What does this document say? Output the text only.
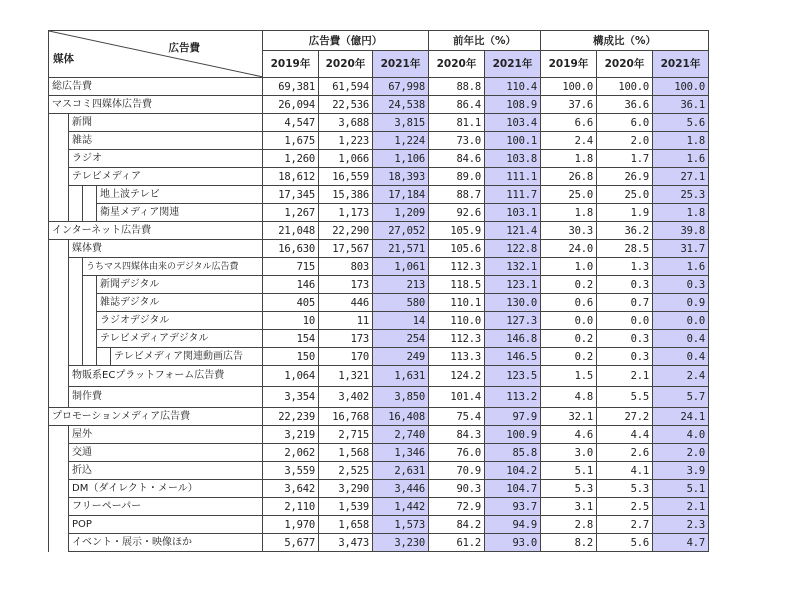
広告費
媒体					広告費（億円）			前年比（%）		構成比（%）		
					2019年	2020年	2021年	2020年	2021年	2019年	2020年	2021年
総広告費					69,381	61,594	67,998	88.8	110.4	100.0	100.0	100.0
マスコミ四媒体広告費					26,094	22,536	24,538	86.4	108.9	37.6	36.6	36.1
	新聞				4,547	3,688	3,815	81.1	103.4	6.6	6.0	5.6
	雑誌				1,675	1,223	1,224	73.0	100.1	2.4	2.0	1.8
	ラジオ				1,260	1,066	1,106	84.6	103.8	1.8	1.7	1.6
	テレビメディア				18,612	16,559	18,393	89.0	111.1	26.8	26.9	27.1
			地上波テレビ		17,345	15,386	17,184	88.7	111.7	25.0	25.0	25.3
			衛星メディア関連		1,267	1,173	1,209	92.6	103.1	1.8	1.9	1.8
インターネット広告費					21,048	22,290	27,052	105.9	121.4	30.3	36.2	39.8
	媒体費				16,630	17,567	21,571	105.6	122.8	24.0	28.5	31.7
		うちマス四媒体由来のデジタル広告費			715	803	1,061	112.3	132.1	1.0	1.3	1.6
			新聞デジタル		146	173	213	118.5	123.1	0.2	0.3	0.3
			雑誌デジタル		405	446	580	110.1	130.0	0.6	0.7	0.9
			ラジオデジタル		10	11	14	110.0	127.3	0.0	0.0	0.0
			テレビメディアデジタル		154	173	254	112.3	146.8	0.2	0.3	0.4
				テレビメディア関連動画広告	150	170	249	113.3	146.5	0.2	0.3	0.4
	物販系ECプラットフォーム広告費				1,064	1,321	1,631	124.2	123.5	1.5	2.1	2.4
	制作費				3,354	3,402	3,850	101.4	113.2	4.8	5.5	5.7
プロモーションメディア広告費					22,239	16,768	16,408	75.4	97.9	32.1	27.2	24.1
	屋外				3,219	2,715	2,740	84.3	100.9	4.6	4.4	4.0
	交通				2,062	1,568	1,346	76.0	85.8	3.0	2.6	2.0
	折込				3,559	2,525	2,631	70.9	104.2	5.1	4.1	3.9
	DM（ダイレクト・メール）				3,642	3,290	3,446	90.3	104.7	5.3	5.3	5.1
	フリーペーパー				2,110	1,539	1,442	72.9	93.7	3.1	2.5	2.1
	POP				1,970	1,658	1,573	84.2	94.9	2.8	2.7	2.3
	イベント・展示・映像ほか				5,677	3,473	3,230	61.2	93.0	8.2	5.6	4.7
